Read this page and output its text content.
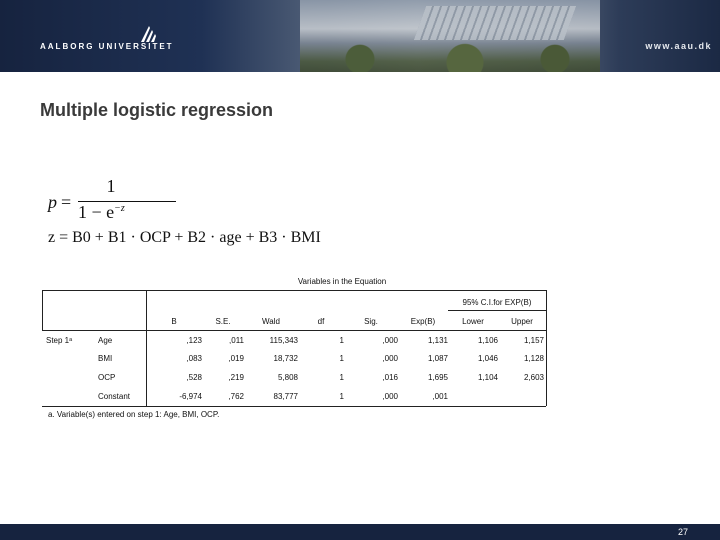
AALBORG UNIVERSITET	www.aau.dk
Multiple logistic regression
p =
1
$1 - e^{-z}$
z = B0 + B1 · OCP + B2 · age + B3 · BMI
Variables in the Equation
95% C.I.for EXP(B)
B	S.E.	Wald	df	Sig.	Exp(B)	Lower	Upper
Step 1ᵃ	Age	,123	,011	115,343	1	,000	1,131	1,106	1,157
BMI	,083	,019	18,732	1	,000	1,087	1,046	1,128
OCP	,528	,219	5,808	1	,016	1,695	1,104	2,603
Constant	-6,974	,762	83,777	1	,000	,001
a. Variable(s) entered on step 1: Age, BMI, OCP.
27
